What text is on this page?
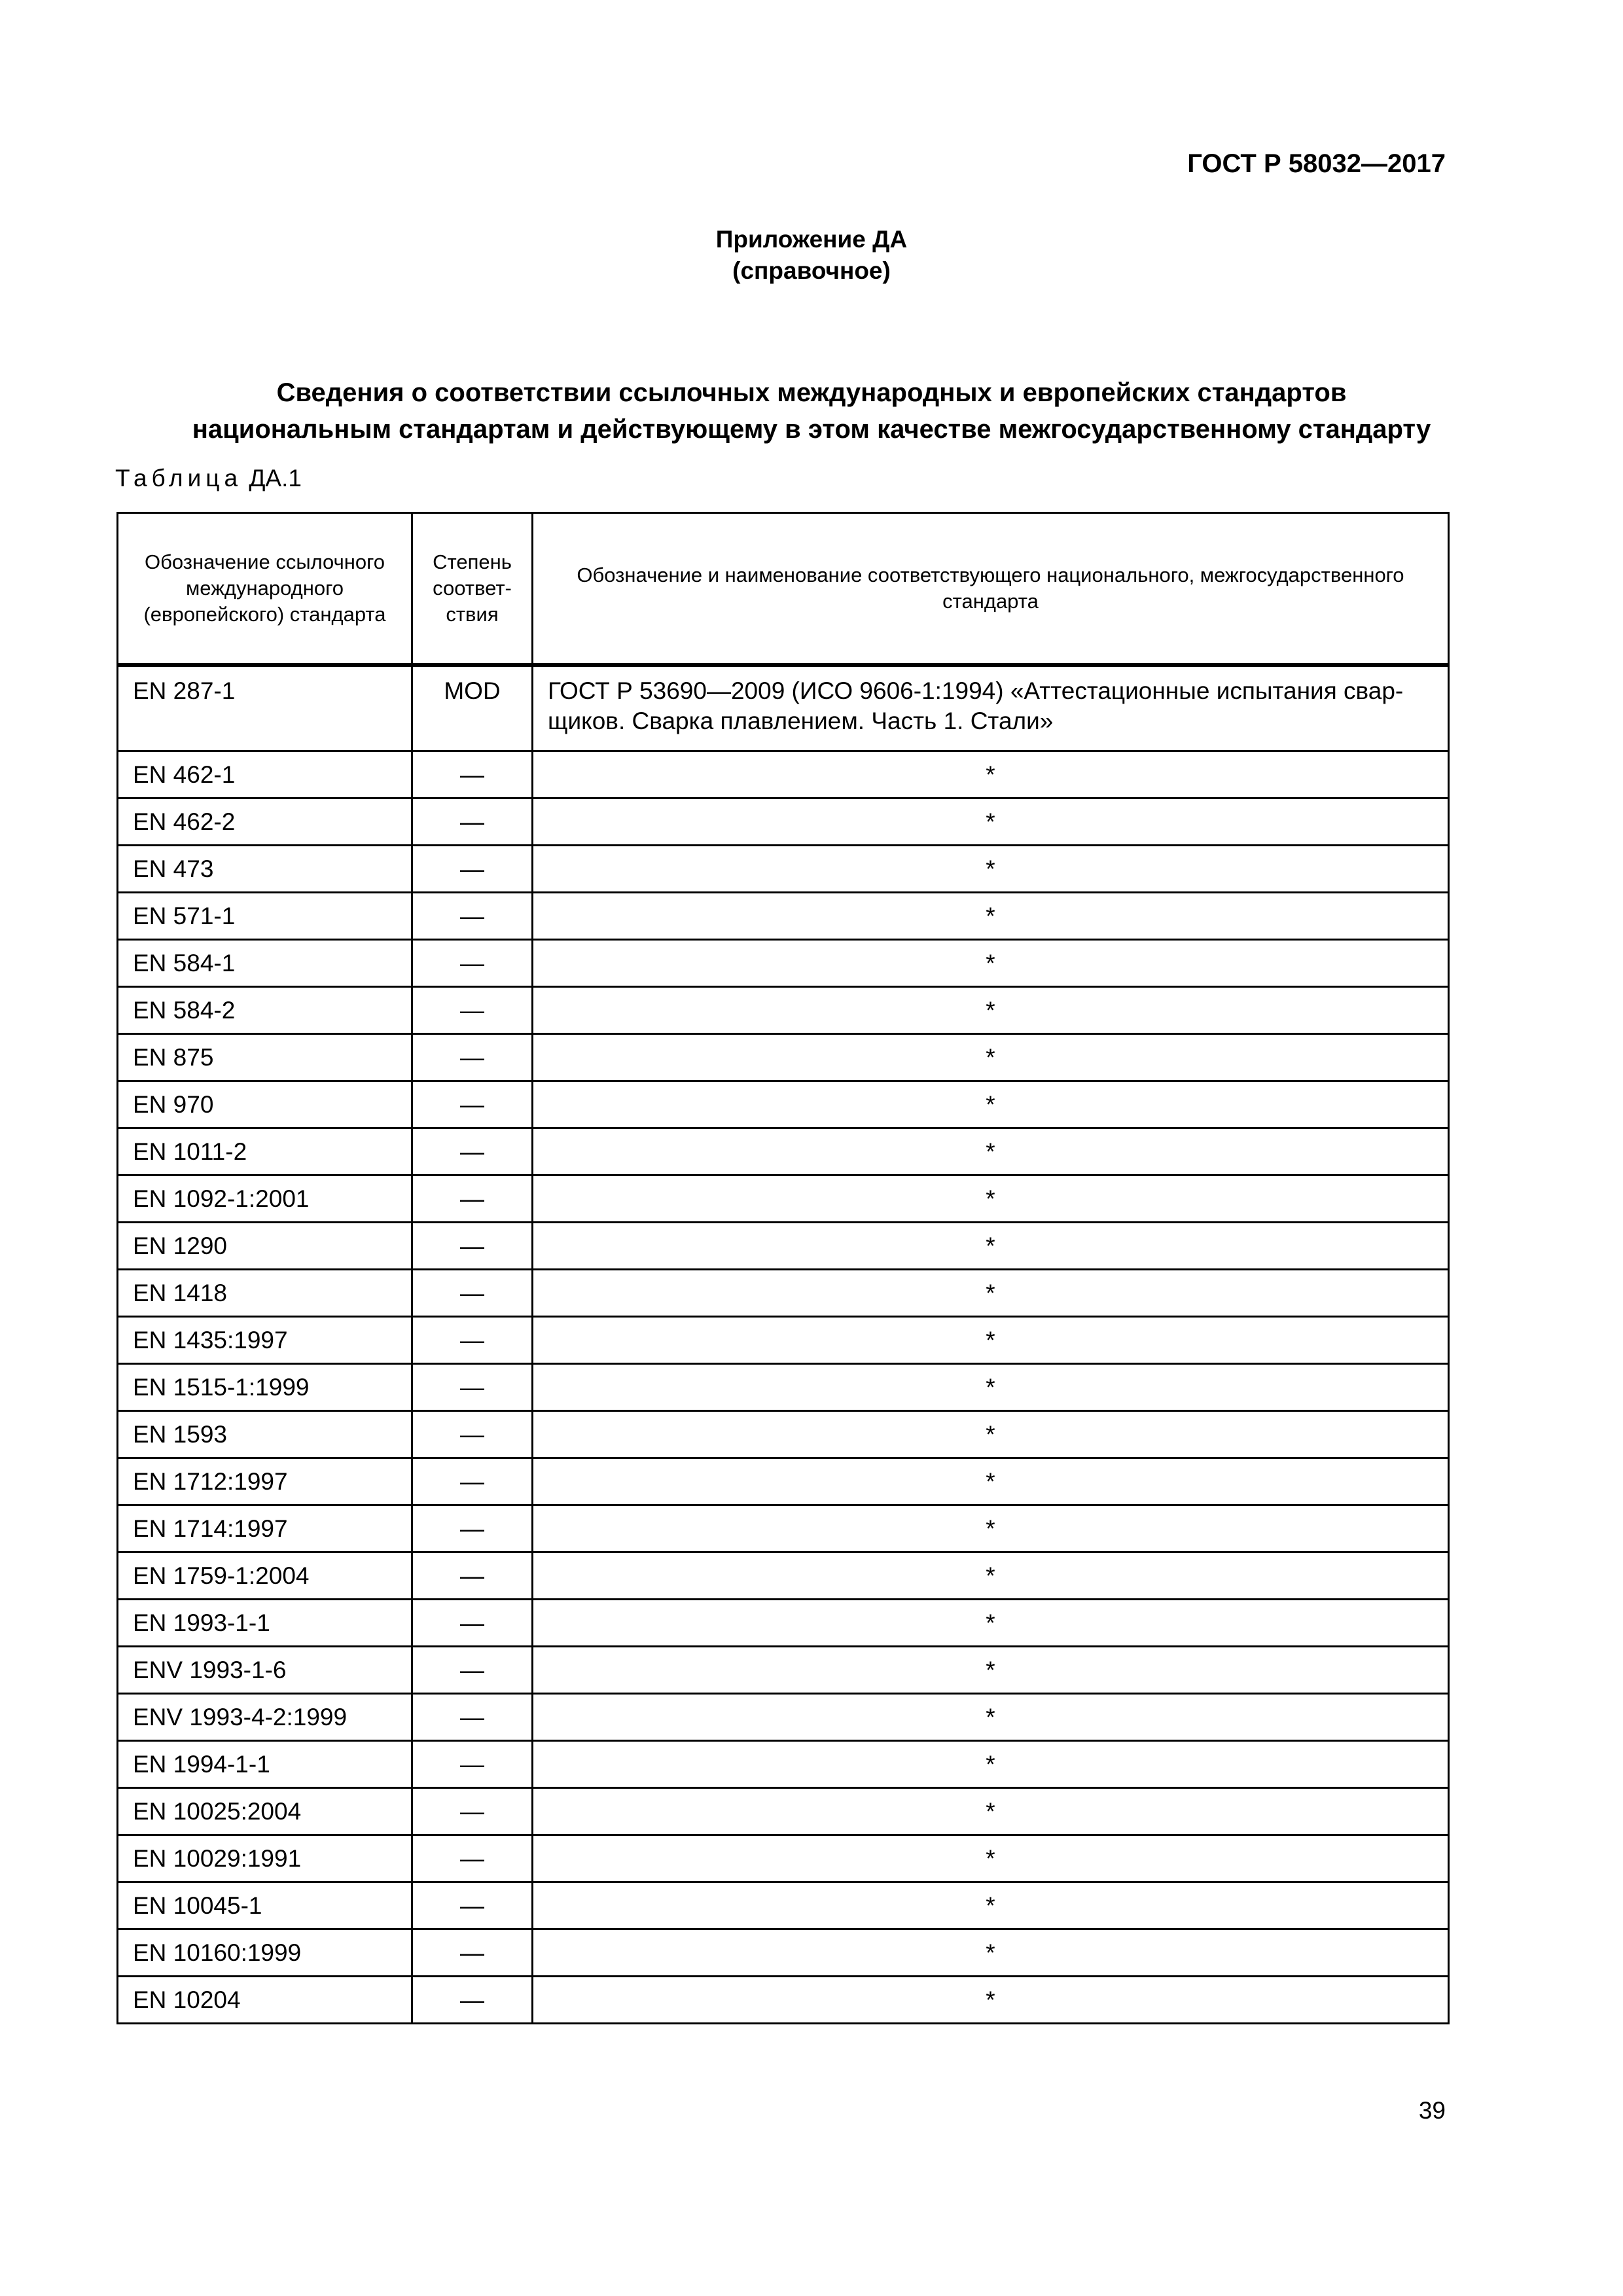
ГОСТ Р 58032—2017
Приложение ДА
(справочное)
Сведения о соответствии ссылочных международных и европейских стандартов
национальным стандартам и действующему в этом качестве межгосударственному стандарту
Таблица ДА.1
Обозначение ссылочного международного (европейского) стандарта	Степень соответ-ствия	Обозначение и наименование соответствующего национального, межгосударственного стандарта
EN 287-1	MOD	ГОСТ Р 53690—2009 (ИСО 9606-1:1994) «Аттестационные испытания свар-щиков. Сварка плавлением. Часть 1. Стали»
EN 462-1	—	*
EN 462-2	—	*
EN 473	—	*
EN 571-1	—	*
EN 584-1	—	*
EN 584-2	—	*
EN 875	—	*
EN 970	—	*
EN 1011-2	—	*
EN 1092-1:2001	—	*
EN 1290	—	*
EN 1418	—	*
EN 1435:1997	—	*
EN 1515-1:1999	—	*
EN 1593	—	*
EN 1712:1997	—	*
EN 1714:1997	—	*
EN 1759-1:2004	—	*
EN 1993-1-1	—	*
ENV 1993-1-6	—	*
ENV 1993-4-2:1999	—	*
EN 1994-1-1	—	*
EN 10025:2004	—	*
EN 10029:1991	—	*
EN 10045-1	—	*
EN 10160:1999	—	*
EN 10204	—	*
39
